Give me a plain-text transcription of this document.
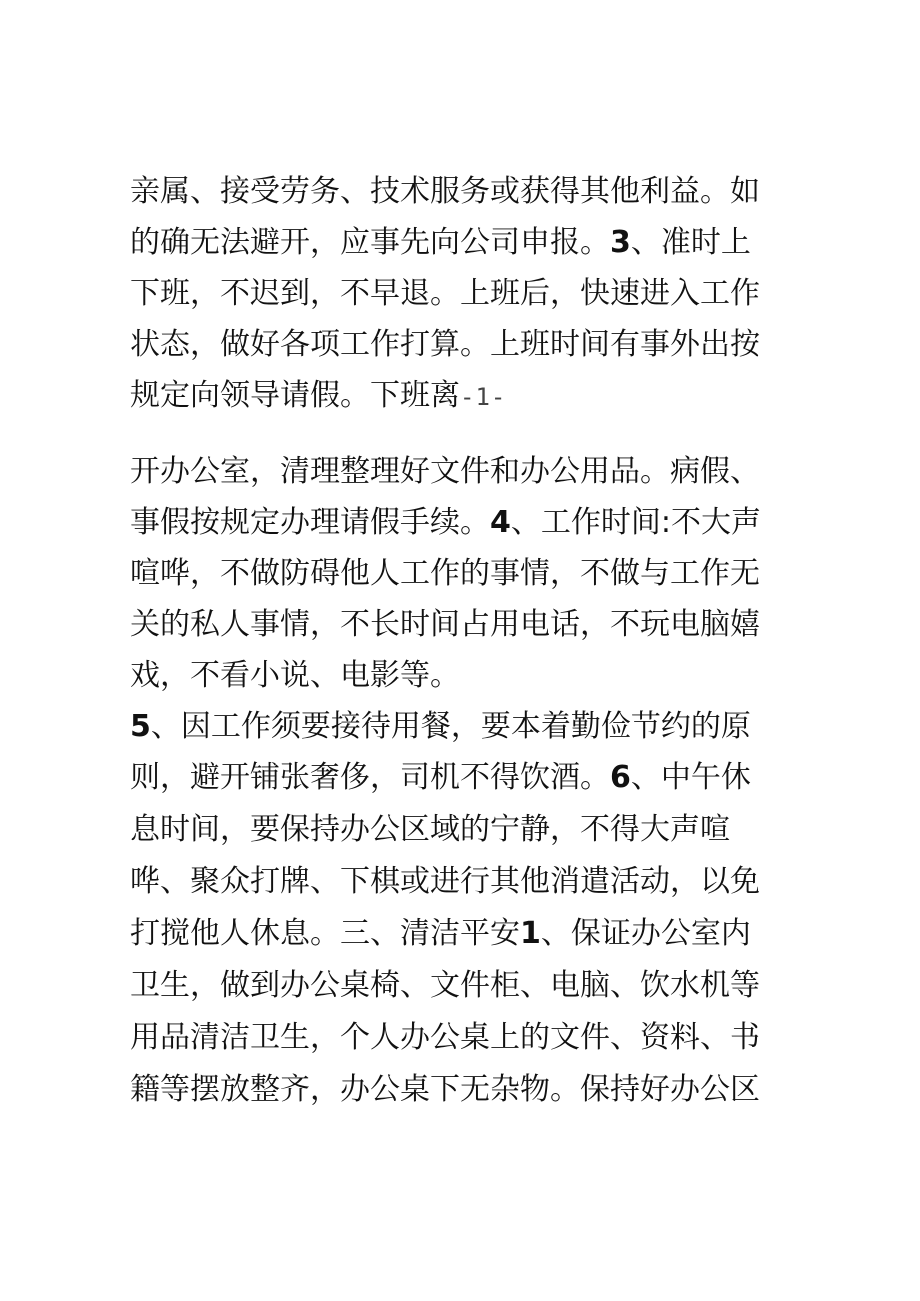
亲属、接受劳务、技术服务或获得其他利益。如
的确无法避开，应事先向公司申报。3、准时上
下班，不迟到，不早退。上班后，快速进入工作
状态，做好各项工作打算。上班时间有事外出按
规定向领导请假。下班离-1-
开办公室，清理整理好文件和办公用品。病假、
事假按规定办理请假手续。4、工作时间:不大声
喧哗，不做防碍他人工作的事情，不做与工作无
关的私人事情，不长时间占用电话，不玩电脑嬉
戏，不看小说、电影等。
5、因工作须要接待用餐，要本着勤俭节约的原
则，避开铺张奢侈，司机不得饮酒。6、中午休
息时间，要保持办公区域的宁静，不得大声喧
哗、聚众打牌、下棋或进行其他消遣活动，以免
打搅他人休息。三、清洁平安1、保证办公室内
卫生，做到办公桌椅、文件柜、电脑、饮水机等
用品清洁卫生，个人办公桌上的文件、资料、书
籍等摆放整齐，办公桌下无杂物。保持好办公区
